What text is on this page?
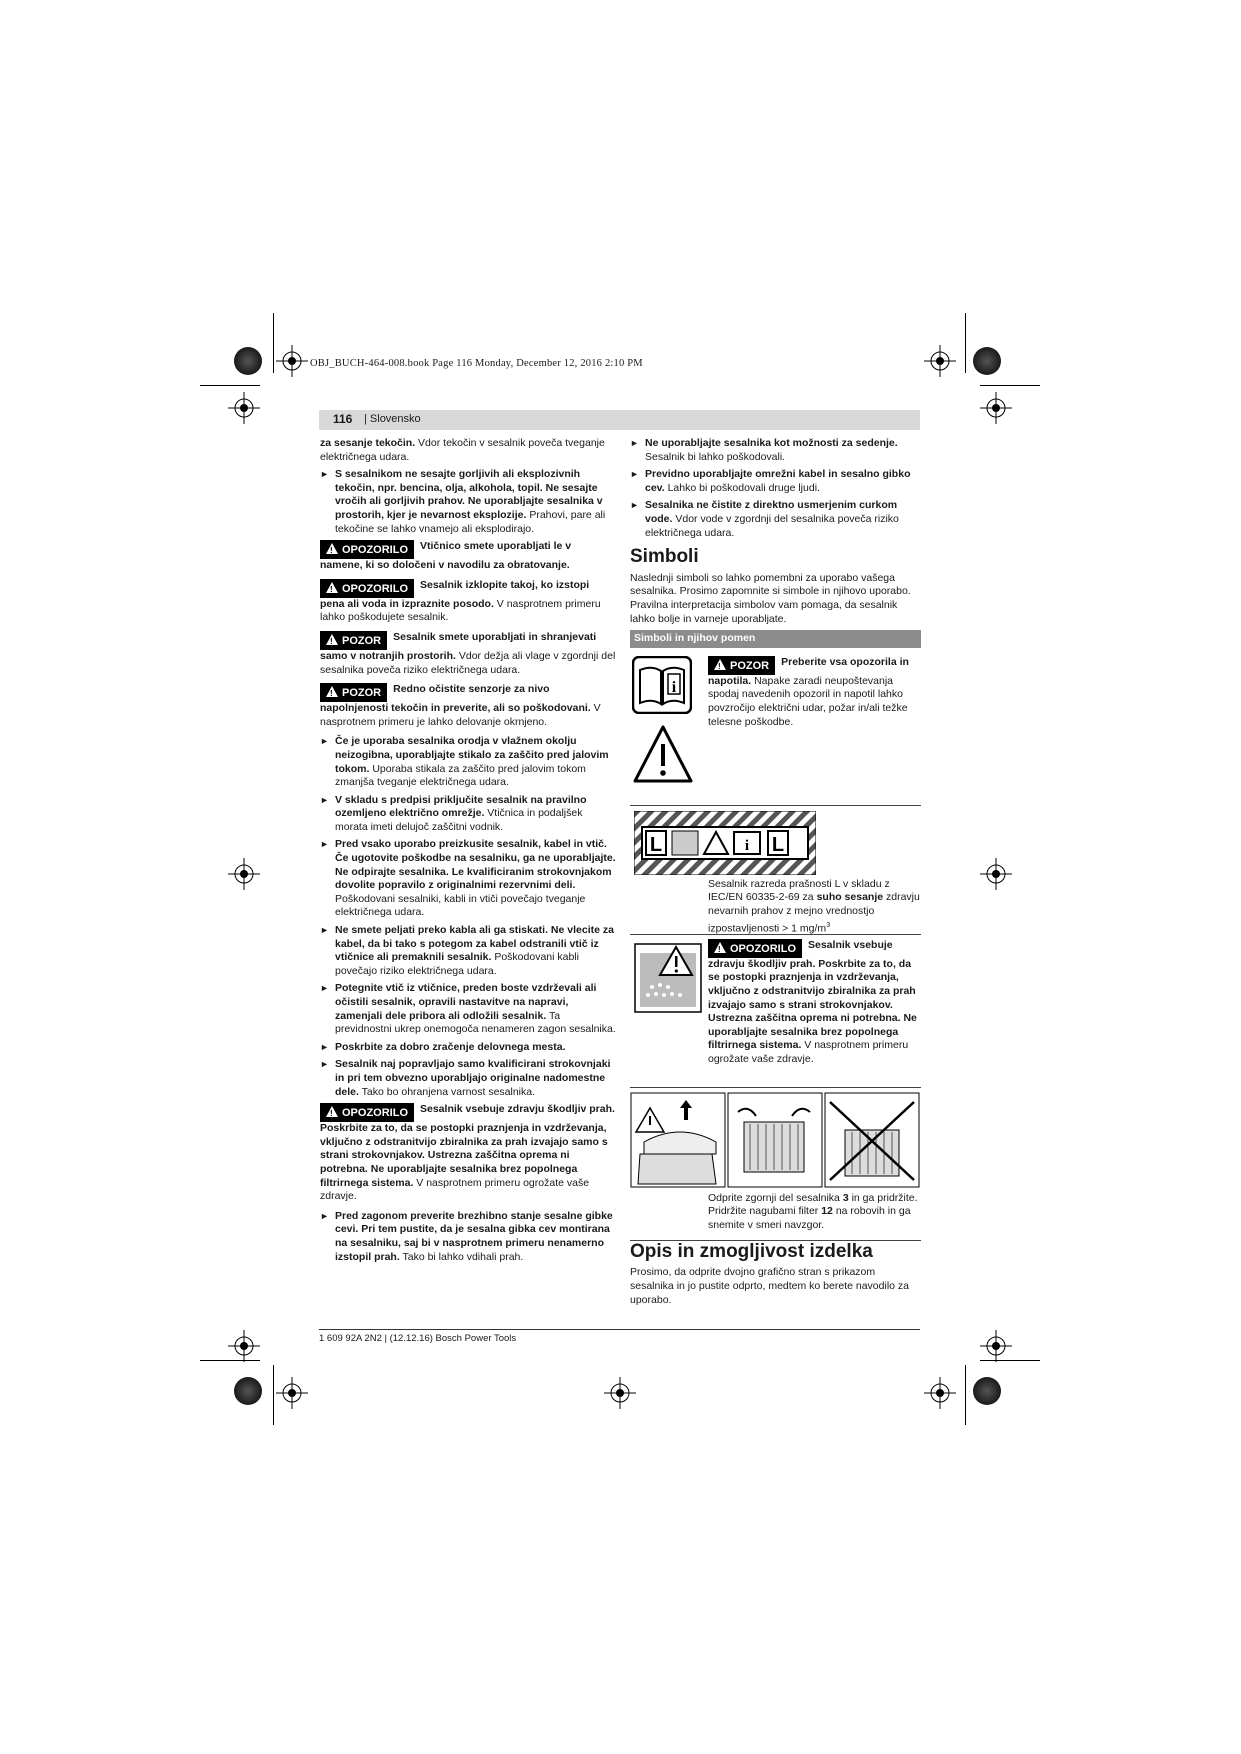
OBJ_BUCH-464-008.book Page 116 Monday, December 12, 2016 2:10 PM
116 | Slovensko

za sesanje tekočin. Vdor tekočin v sesalnik poveča tveganje električnega udara.

► S sesalnikom ne sesajte gorljivih ali eksplozivnih tekočin, npr. bencina, olja, alkohola, topil. Ne sesajte vročih ali gorljivih prahov. Ne uporabljajte sesalnika v prostorih, kjer je nevarnost eksplozije. Prahovi, pare ali tekočine se lahko vnamejo ali eksplodirajo.
!OPOZORILO Vtičnico smete uporabljati le v namene, ki so določeni v navodilu za obratovanje.
!OPOZORILO Sesalnik izklopite takoj, ko izstopi pena ali voda in izpraznite posodo. V nasprotnem primeru lahko poškodujete sesalnik.
!POZOR Sesalnik smete uporabljati in shranjevati samo v notranjih prostorih. Vdor dežja ali vlage v zgordnji del sesalnika poveča riziko električnega udara.
!POZOR Redno očistite senzorje za nivo napolnjenosti tekočin in preverite, ali so poškodovani. V nasprotnem primeru je lahko delovanje okrnjeno.
► Če je uporaba sesalnika orodja v vlažnem okolju neizogibna, uporabljajte stikalo za zaščito pred jalovim tokom. Uporaba stikala za zaščito pred jalovim tokom zmanjša tveganje električnega udara.
► V skladu s predpisi priključite sesalnik na pravilno ozemljeno električno omrežje. Vtičnica in podaljšek morata imeti delujoč zaščitni vodnik.
► Pred vsako uporabo preizkusite sesalnik, kabel in vtič. Če ugotovite poškodbe na sesalniku, ga ne uporabljajte. Ne odpirajte sesalnika. Le kvalificiranim strokovnjakom dovolite popravilo z originalnimi rezervnimi deli. Poškodovani sesalniki, kabli in vtiči povečajo tveganje električnega udara.
► Ne smete peljati preko kabla ali ga stiskati. Ne vlecite za kabel, da bi tako s potegom za kabel odstranili vtič iz vtičnice ali premaknili sesalnik. Poškodovani kabli povečajo riziko električnega udara.
► Potegnite vtič iz vtičnice, preden boste vzdrževali ali očistili sesalnik, opravili nastavitve na napravi, zamenjali dele pribora ali odložili sesalnik. Ta previdnostni ukrep onemogoča nenameren zagon sesalnika.
► Poskrbite za dobro zračenje delovnega mesta.
► Sesalnik naj popravljajo samo kvalificirani strokovnjaki in pri tem obvezno uporabljajo originalne nadomestne dele. Tako bo ohranjena varnost sesalnika.
!OPOZORILO Sesalnik vsebuje zdravju škodljiv prah. Poskrbite za to, da se postopki praznjenja in vzdrževanja, vključno z odstranitvijo zbiralnika za prah izvajajo samo s strani strokovnjakov. Ustrezna zaščitna oprema ni potrebna. Ne uporabljajte sesalnika brez popolnega filtrirnega sistema. V nasprotnem primeru ogrožate vaše zdravje.
► Pred zagonom preverite brezhibno stanje sesalne gibke cevi. Pri tem pustite, da je sesalna gibka cev montirana na sesalniku, saj bi v nasprotnem primeru nenamerno izstopil prah. Tako bi lahko vdihali prah.
► Ne uporabljajte sesalnika kot možnosti za sedenje. Sesalnik bi lahko poškodovali.
► Previdno uporabljajte omrežni kabel in sesalno gibko cev. Lahko bi poškodovali druge ljudi.
► Sesalnika ne čistite z direktno usmerjenim curkom vode. Vdor vode v zgordnji del sesalnika poveča riziko električnega udara.
Simboli

Naslednji simboli so lahko pomembni za uporabo vašega sesalnika. Prosimo zapomnite si simbole in njihovo uporabo. Pravilna interpretacija simbolov vam pomaga, da sesalnik lahko bolje in varneje uporabljate.

Simboli in njihov pomen
i
!POZOR Preberite vsa opozorila in napotila. Napake zaradi neupoštevanja spodaj navedenih opozoril in napotil lahko povzročijo električni udar, požar in/ali težke telesne poškodbe.
L	i L
Sesalnik razreda prašnosti L v skladu z IEC/EN 60335-2-69 za suho sesanje zdravju nevarnih prahov z mejno vrednostjo izpostavljenosti > 1 $mg/m^3$
!OPOZORILO Sesalnik vsebuje zdravju škodljiv prah. Poskrbite za to, da se postopki praznjenja in vzdrževanja, vključno z odstranitvijo zbiralnika za prah izvajajo samo s strani strokovnjakov. Ustrezna zaščitna oprema ni potrebna. Ne uporabljajte sesalnika brez popolnega filtrirnega sistema. V nasprotnem primeru ogrožate vaše zdravje.
Odprite zgornji del sesalnika 3 in ga pridržite. Pridržite nagubami filter 12 na robovih in ga snemite v smeri navzgor.
Opis in zmogljivost izdelka

Prosimo, da odprite dvojno grafično stran s prikazom sesalnika in jo pustite odprto, medtem ko berete navodilo za uporabo.

1 609 92A 2N2 | (12.12.16) Bosch Power Tools
